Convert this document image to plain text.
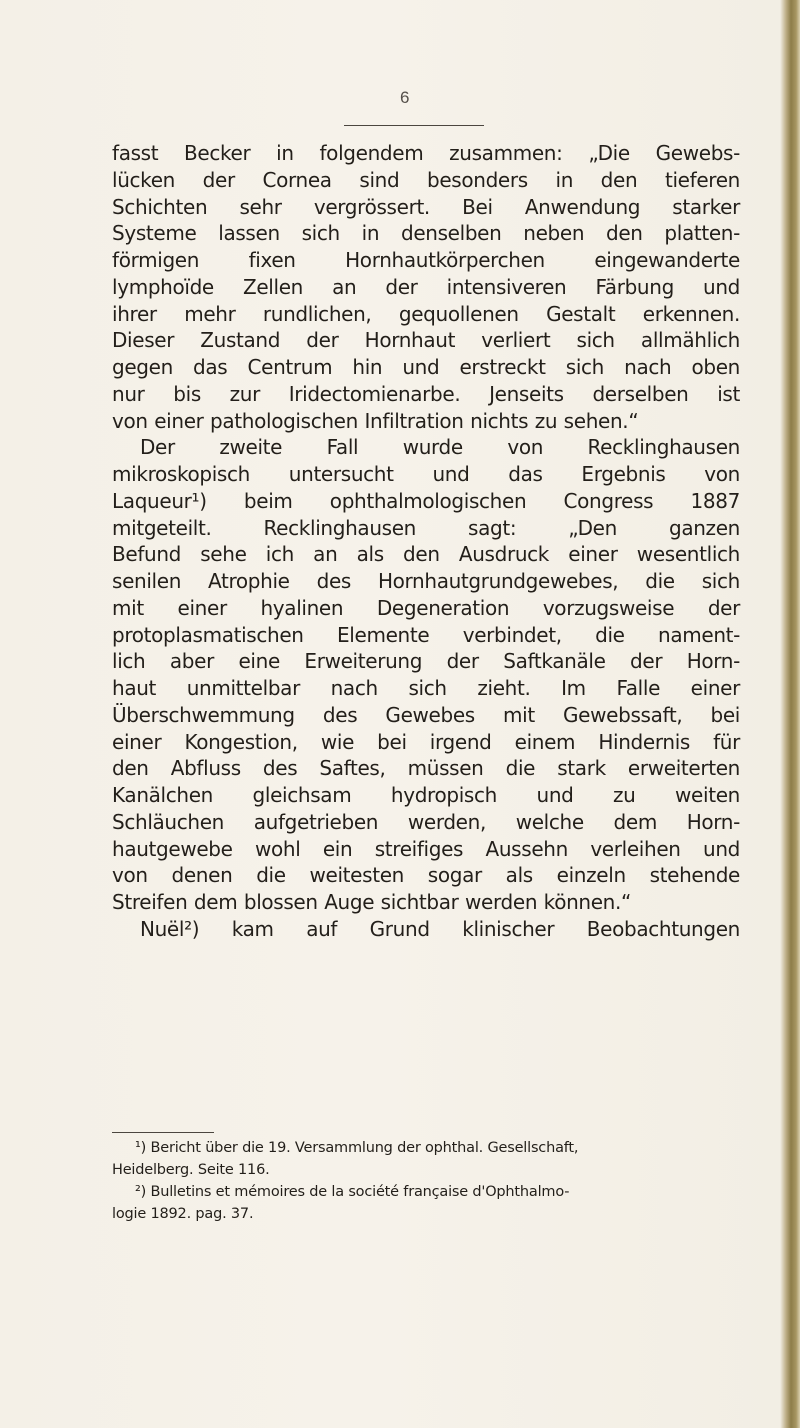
6
fasst Becker in folgendem zusammen: „Die Gewebs-
lücken der Cornea sind besonders in den tieferen
Schichten sehr vergrössert. Bei Anwendung starker
Systeme lassen sich in denselben neben den platten-
förmigen fixen Hornhautkörperchen eingewanderte
lymphoïde Zellen an der intensiveren Färbung und
ihrer mehr rundlichen, gequollenen Gestalt erkennen.
Dieser Zustand der Hornhaut verliert sich allmählich
gegen das Centrum hin und erstreckt sich nach oben
nur bis zur Iridectomienarbe. Jenseits derselben ist
von einer pathologischen Infiltration nichts zu sehen.“
Der zweite Fall wurde von Recklinghausen
mikroskopisch untersucht und das Ergebnis von
Laqueur¹) beim ophthalmologischen Congress 1887
mitgeteilt. Recklinghausen sagt: „Den ganzen
Befund sehe ich an als den Ausdruck einer wesentlich
senilen Atrophie des Hornhautgrundgewebes, die sich
mit einer hyalinen Degeneration vorzugsweise der
protoplasmatischen Elemente verbindet, die nament-
lich aber eine Erweiterung der Saftkanäle der Horn-
haut unmittelbar nach sich zieht. Im Falle einer
Überschwemmung des Gewebes mit Gewebssaft, bei
einer Kongestion, wie bei irgend einem Hindernis für
den Abfluss des Saftes, müssen die stark erweiterten
Kanälchen gleichsam hydropisch und zu weiten
Schläuchen aufgetrieben werden, welche dem Horn-
hautgewebe wohl ein streifiges Aussehn verleihen und
von denen die weitesten sogar als einzeln stehende
Streifen dem blossen Auge sichtbar werden können.“
Nuël²) kam auf Grund klinischer Beobachtungen
¹) Bericht über die 19. Versammlung der ophthal. Gesellschaft,
Heidelberg. Seite 116.
²) Bulletins et mémoires de la société française d'Ophthalmo-
logie 1892. pag. 37.
